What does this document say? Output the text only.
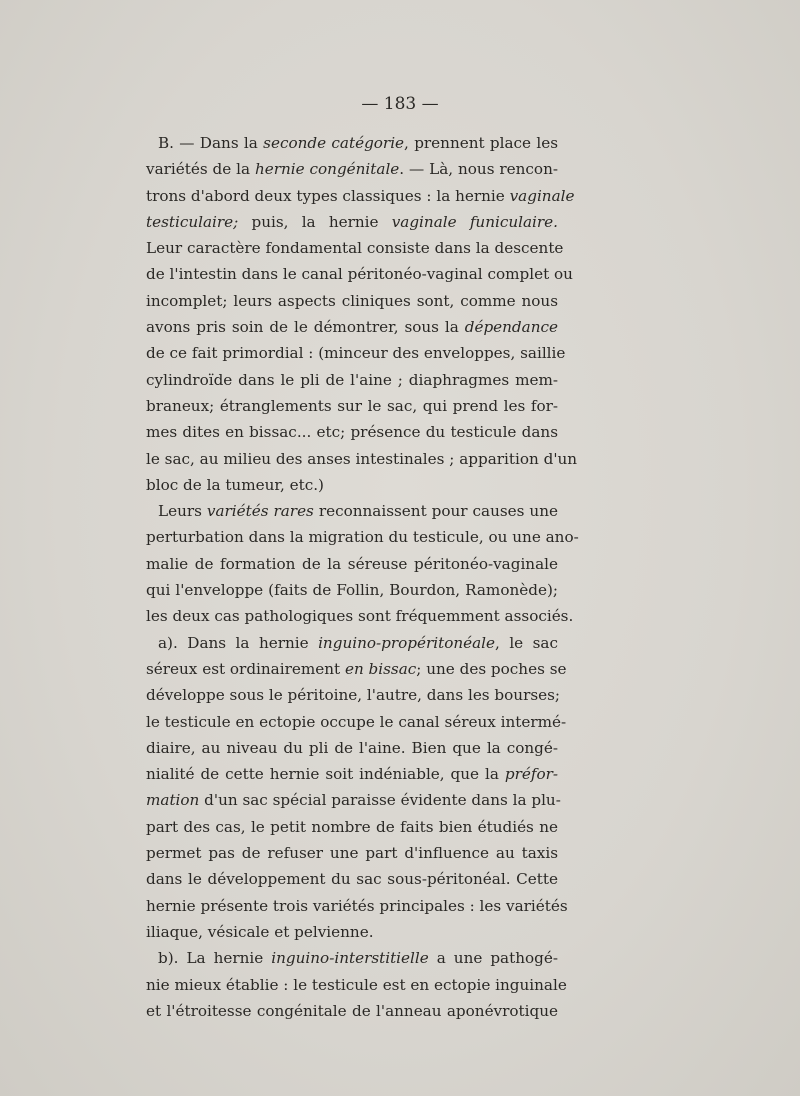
— 183 —
B. — Dans la seconde catégorie, prennent place les
variétés de la hernie congénitale. — Là, nous rencon-
trons d'abord deux types classiques : la hernie vaginale
testiculaire; puis, la hernie vaginale funiculaire.
Leur caractère fondamental consiste dans la descente
de l'intestin dans le canal péritonéo-vaginal complet ou
incomplet; leurs aspects cliniques sont, comme nous
avons pris soin de le démontrer, sous la dépendance
de ce fait primordial : (minceur des enveloppes, saillie
cylindroïde dans le pli de l'aine ; diaphragmes mem-
braneux; étranglements sur le sac, qui prend les for-
mes dites en bissac... etc; présence du testicule dans
le sac, au milieu des anses intestinales ; apparition d'un
bloc de la tumeur, etc.)
Leurs variétés rares reconnaissent pour causes une
perturbation dans la migration du testicule, ou une ano-
malie de formation de la séreuse péritonéo-vaginale
qui l'enveloppe (faits de Follin, Bourdon, Ramonède);
les deux cas pathologiques sont fréquemment associés.
a). Dans la hernie inguino-propéritonéale, le sac
séreux est ordinairement en bissac; une des poches se
développe sous le péritoine, l'autre, dans les bourses;
le testicule en ectopie occupe le canal séreux intermé-
diaire, au niveau du pli de l'aine. Bien que la congé-
nialité de cette hernie soit indéniable, que la préfor-
mation d'un sac spécial paraisse évidente dans la plu-
part des cas, le petit nombre de faits bien étudiés ne
permet pas de refuser une part d'influence au taxis
dans le développement du sac sous-péritonéal. Cette
hernie présente trois variétés principales : les variétés
iliaque, vésicale et pelvienne.
b). La hernie inguino-interstitielle a une pathogé-
nie mieux établie : le testicule est en ectopie inguinale
et l'étroitesse congénitale de l'anneau aponévrotique
